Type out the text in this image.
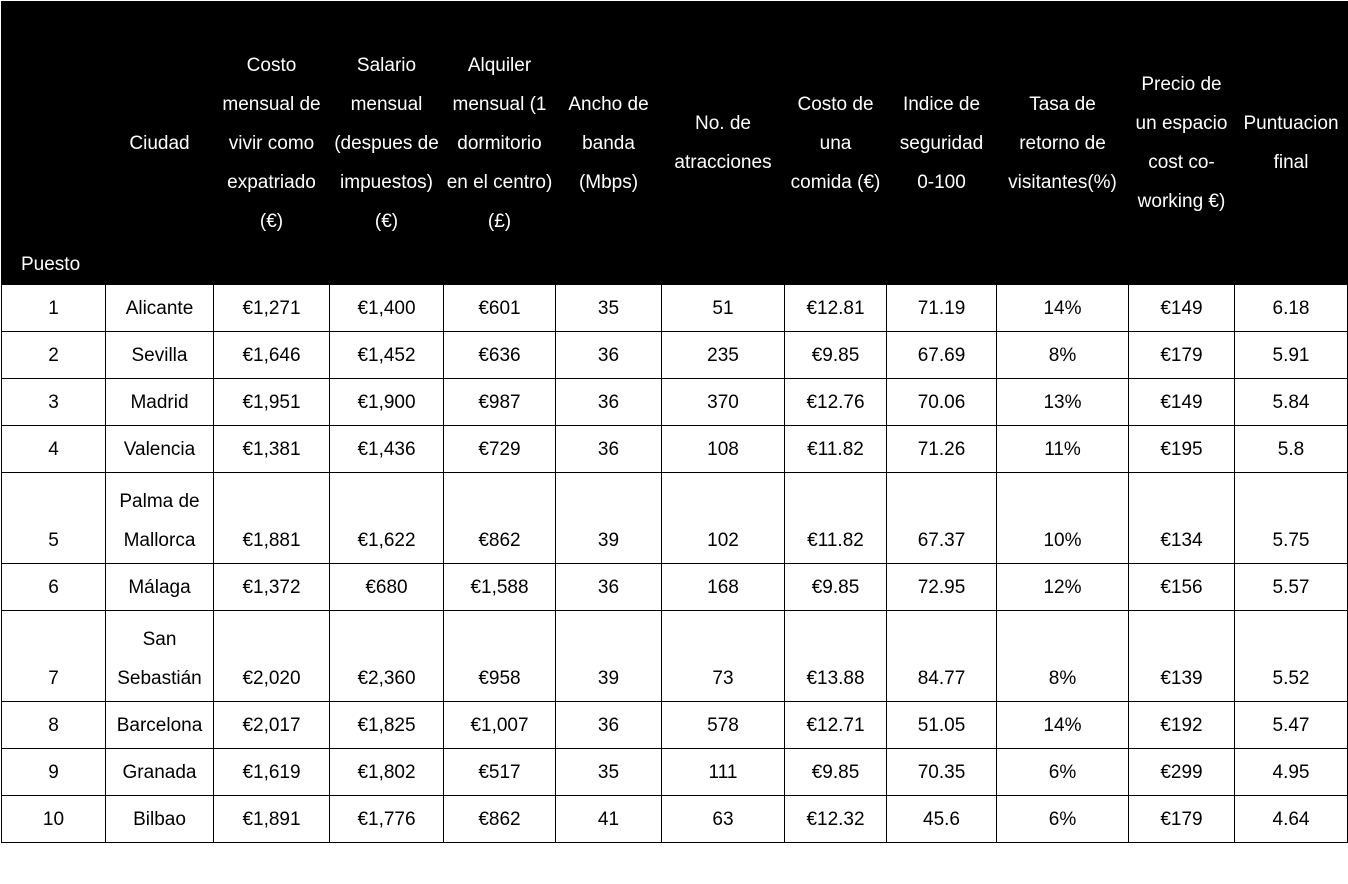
Puesto	Ciudad	Costo mensual de vivir como expatriado (€)	Salario mensual (despues de impuestos) (€)	Alquiler mensual (1 dormitorio en el centro) (£)	Ancho de banda (Mbps)	No. de atracciones	Costo de una comida (€)	Indice de seguridad 0-100	Tasa de retorno de visitantes(%)	Precio de un espacio cost co-working €)	Puntuacion final
1	Alicante	€1,271	€1,400	€601	35	51	€12.81	71.19	14%	€149	6.18
2	Sevilla	€1,646	€1,452	€636	36	235	€9.85	67.69	8%	€179	5.91
3	Madrid	€1,951	€1,900	€987	36	370	€12.76	70.06	13%	€149	5.84
4	Valencia	€1,381	€1,436	€729	36	108	€11.82	71.26	11%	€195	5.8
5	Palma de Mallorca	€1,881	€1,622	€862	39	102	€11.82	67.37	10%	€134	5.75
6	Málaga	€1,372	€680	€1,588	36	168	€9.85	72.95	12%	€156	5.57
7	San Sebastián	€2,020	€2,360	€958	39	73	€13.88	84.77	8%	€139	5.52
8	Barcelona	€2,017	€1,825	€1,007	36	578	€12.71	51.05	14%	€192	5.47
9	Granada	€1,619	€1,802	€517	35	111	€9.85	70.35	6%	€299	4.95
10	Bilbao	€1,891	€1,776	€862	41	63	€12.32	45.6	6%	€179	4.64
